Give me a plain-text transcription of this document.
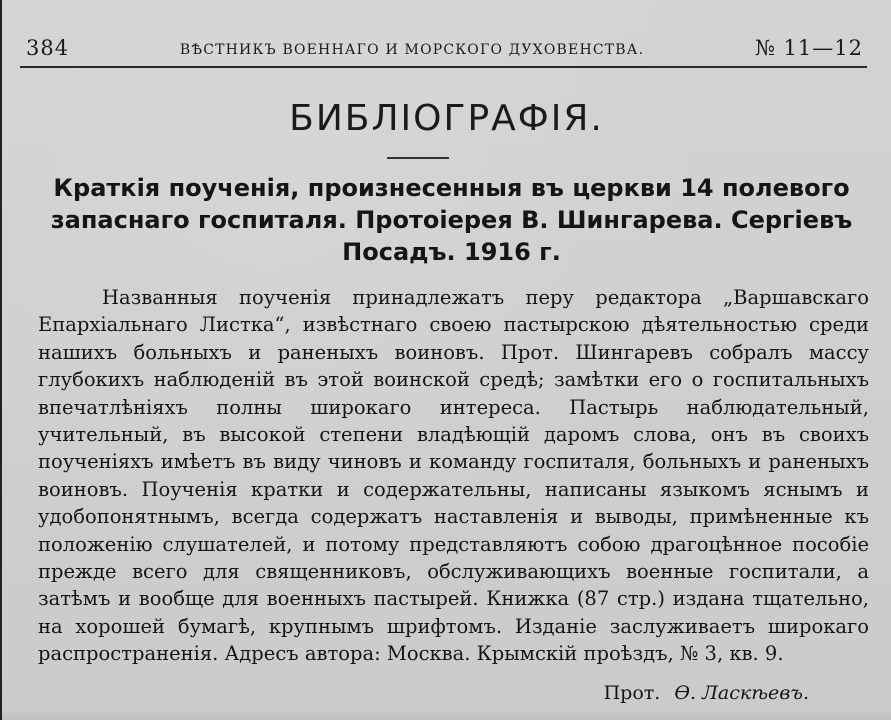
384	ВѢСТНИКЪ ВОЕННАГО И МОРСКОГО ДУХОВЕНСТВА.	№ 11—12
БИБЛІОГРАФІЯ.
Краткія поученія, произнесенныя въ церкви 14 полевого запаснаго госпиталя. Протоіерея В. Шингарева. Сергіевъ Посадъ. 1916 г.
Названныя поученія принадлежатъ перу редактора „Варшавскаго Епархіальнаго Листка“, извѣстнаго своею пастырскою дѣятельностью среди нашихъ больныхъ и раненыхъ воиновъ. Прот. Шингаревъ собралъ массу глубокихъ наблюденій въ этой воинской средѣ; замѣтки его о госпитальныхъ впечатлѣніяхъ полны широкаго интереса. Пастырь наблюдательный, учительный, въ высокой степени владѣющій даромъ слова, онъ въ своихъ поученіяхъ имѣетъ въ виду чиновъ и команду госпиталя, больныхъ и раненыхъ воиновъ. Поученія кратки и содержательны, написаны языкомъ яснымъ и удобопонятнымъ, всегда содержатъ наставленія и выводы, примѣненные къ положенію слушателей, и потому представляютъ собою драгоцѣнное пособіе прежде всего для священниковъ, обслуживающихъ военные госпитали, а затѣмъ и вообще для военныхъ пастырей. Книжка (87 стр.) издана тщательно, на хорошей бумагѣ, крупнымъ шрифтомъ. Изданіе заслуживаетъ широкаго распространенія. Адресъ автора: Москва. Крымскій проѣздъ, № 3, кв. 9.
Прот. Ѳ. Ласкѣевъ.
